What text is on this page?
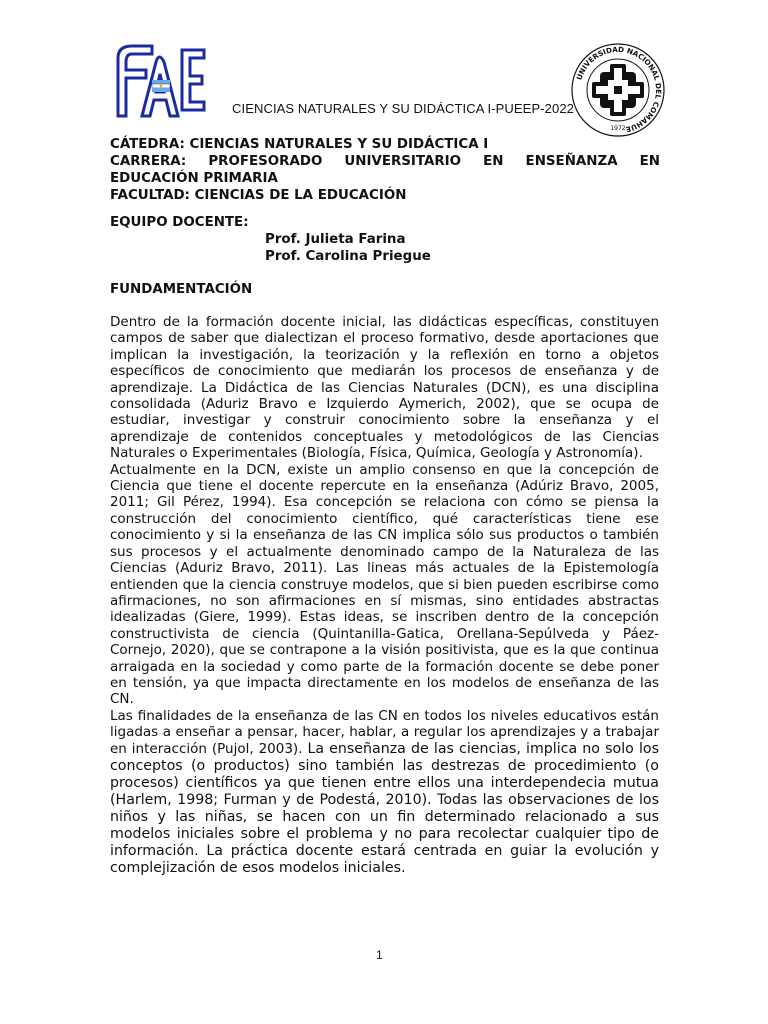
UNIVERSIDAD NACIONAL DEL COMAHUE
1972
CIENCIAS NATURALES Y SU DIDÁCTICA I-PUEEP-2022
CÁTEDRA: CIENCIAS NATURALES Y SU DIDÁCTICA I
CARRERA: PROFESORADO UNIVERSITARIO EN ENSEÑANZA EN
EDUCACIÓN PRIMARIA
FACULTAD: CIENCIAS DE LA EDUCACIÓN
EQUIPO DOCENTE:
Prof. Julieta Farina
Prof. Carolina Priegue
FUNDAMENTACIÓN

Dentro de la formación docente inicial, las didácticas específicas, constituyen campos de saber que dialectizan el proceso formativo, desde aportaciones que implican la investigación, la teorización y la reflexión en torno a objetos específicos de conocimiento que mediarán los procesos de enseñanza y de aprendizaje. La Didáctica de las Ciencias Naturales (DCN), es una disciplina consolidada (Aduriz Bravo e Izquierdo Aymerich, 2002), que se ocupa de estudiar, investigar y construir conocimiento sobre la enseñanza y el aprendizaje de contenidos conceptuales y metodológicos de las Ciencias Naturales o Experimentales (Biología, Física, Química, Geología y Astronomía).

Actualmente en la DCN, existe un amplio consenso en que la concepción de Ciencia que tiene el docente repercute en la enseñanza (Adúriz Bravo, 2005, 2011; Gil Pérez, 1994). Esa concepción se relaciona con cómo se piensa la construcción del conocimiento científico, qué características tiene ese conocimiento y si la enseñanza de las CN implica sólo sus productos o también sus procesos y el actualmente denominado campo de la Naturaleza de las Ciencias (Aduriz Bravo, 2011). Las lineas más actuales de la Epistemología entienden que la ciencia construye modelos, que si bien pueden escribirse como afirmaciones, no son afirmaciones en sí mismas, sino entidades abstractas idealizadas (Giere, 1999). Estas ideas, se inscriben dentro de la concepción constructivista de ciencia (Quintanilla-Gatica, Orellana-Sepúlveda y Páez-Cornejo, 2020), que se contrapone a la visión positivista, que es la que continua arraigada en la sociedad y como parte de la formación docente se debe poner en tensión, ya que impacta directamente en los modelos de enseñanza de las CN.

Las finalidades de la enseñanza de las CN en todos los niveles educativos están ligadas a enseñar a pensar, hacer, hablar, a regular los aprendizajes y a trabajar en interacción (Pujol, 2003). La enseñanza de las ciencias, implica no solo los conceptos (o productos) sino también las destrezas de procedimiento (o procesos) científicos ya que tienen entre ellos una interdependecia mutua (Harlem, 1998; Furman y de Podestá, 2010). Todas las observaciones de los niños y las niñas, se hacen con un fin determinado relacionado a sus modelos iniciales sobre el problema y no para recolectar cualquier tipo de información. La práctica docente estará centrada en guiar la evolución y complejización de esos modelos iniciales.

1
